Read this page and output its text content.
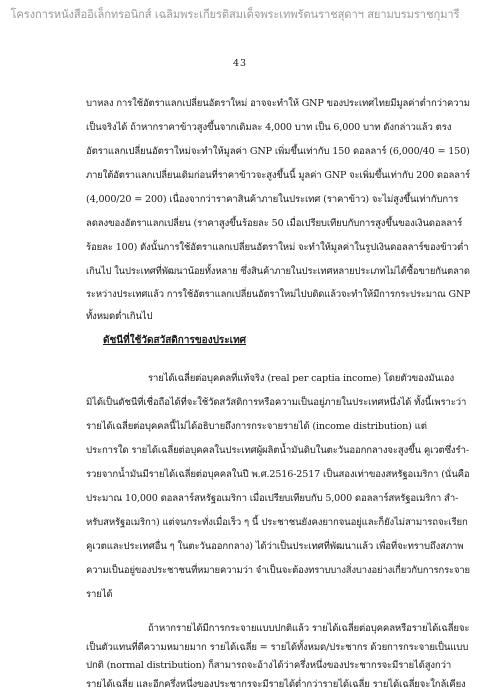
โครงการหนังสืออิเล็กทรอนิกส์ เฉลิมพระเกียรติสมเด็จพระเทพรัตนราชสุดาฯ สยามบรมราชกุมารี
43
บาหลง การใช้อัตราแลกเปลี่ยนอัตราใหม่ อาจจะทำให้ GNP ของประเทศไทยมีมูลค่าต่ำกว่าความ
เป็นจริงได้ ถ้าหากราคาข้าวสูงขึ้นจากเดิมละ 4,000 บาท เป็น 6,000 บาท ดังกล่าวแล้ว ตรง
อัตราแลกเปลี่ยนอัตราใหม่จะทำให้มูลค่า GNP เพิ่มขึ้นเท่ากับ 150 ดอลลาร์ (6,000/40 = 150)
ภายใต้อัตราแลกเปลี่ยนเดิมก่อนที่ราคาข้าวจะสูงขึ้นนี้ มูลค่า GNP จะเพิ่มขึ้นเท่ากับ 200 ดอลลาร์
(4,000/20 = 200) เนื่องจากว่าราคาสินค้าภายในประเทศ (ราคาข้าว) จะไม่สูงขึ้นเท่ากับการ
ลดลงของอัตราแลกเปลี่ยน (ราคาสูงขึ้นร้อยละ 50 เมื่อเปรียบเทียบกับการสูงขึ้นของเงินดอลลาร์
ร้อยละ 100) ดังนั้นการใช้อัตราแลกเปลี่ยนอัตราใหม่ จะทำให้มูลค่าในรูปเงินดอลลาร์ของข้าวต่ำ
เกินไป ในประเทศที่พัฒนาน้อยทั้งหลาย ซึ่งสินค้าภายในประเทศหลายประเภทไม่ได้ซื้อขายกันตลาด
ระหว่างประเทศแล้ว การใช้อัตราแลกเปลี่ยนอัตราใหม่ไปบดิดแล้วจะทำให้มีการกระประมาณ GNP
ทั้งหมดต่ำเกินไป
ดัชนีที่ใช้วัดสวัสดิการของประเทศ
รายได้เฉลี่ยต่อบุคคลที่แท้จริง (real per captia income) โดยตัวของมันเอง
มิได้เป็นดัชนีที่เชื่อถือได้ที่จะใช้วัดสวัสดิการหรือความเป็นอยู่ภายในประเทศหนึ่งได้ ทั้งนี้เพราะว่า
รายได้เฉลี่ยต่อบุคคลนี้ไม่ได้อธิบายถึงการกระจายรายได้ (income distribution) แต่
ประการใด รายได้เฉลี่ยต่อบุคคลในประเทศผู้ผลิตน้ำมันดิบในตะวันออกกลางจะสูงขึ้น คูเวตซึ่งรำ-
รวยจากน้ำมันมีรายได้เฉลี่ยต่อบุคคลในปี พ.ศ.2516-2517 เป็นสองเท่าของสหรัฐอเมริกา (นั่นคือ
ประมาณ 10,000 ดอลลาร์สหรัฐอเมริกา เมื่อเปรียบเทียบกับ 5,000 ดอลลาร์สหรัฐอเมริกา สำ-
หรับสหรัฐอเมริกา) แต่จนกระทั่งเมื่อเร็ว ๆ นี้ ประชาชนยังคงยากจนอยู่และก็ยังไม่สามารถจะเรียก
คูเวตและประเทศอื่น ๆ ในตะวันออกกลาง) ได้ว่าเป็นประเทศที่พัฒนาแล้ว เพื่อที่จะทราบถึงสภาพ
ความเป็นอยู่ของประชาชนที่หมายความว่า จำเป็นจะต้องทราบบางสิ่งบางอย่างเกี่ยวกับการกระจาย
รายได้
ถ้าหากรายได้มีการกระจายแบบปกติแล้ว รายได้เฉลี่ยต่อบุคคลหรือรายได้เฉลี่ยจะ
เป็นตัวแทนที่ดีความหมายมาก รายได้เฉลี่ย = รายได้ทั้งหมด/ประชากร ด้วยการกระจายเป็นแบบ
ปกติ (normal distribution) ก็สามารถจะอ้างได้ว่าครึ่งหนึ่งของประชากรจะมีรายได้สูงกว่า
รายได้เฉลี่ย และอีกครึ่งหนึ่งของประชากรจะมีรายได้ต่ำกว่ารายได้เฉลี่ย รายได้เฉลี่ยจะใกล้เคียง
